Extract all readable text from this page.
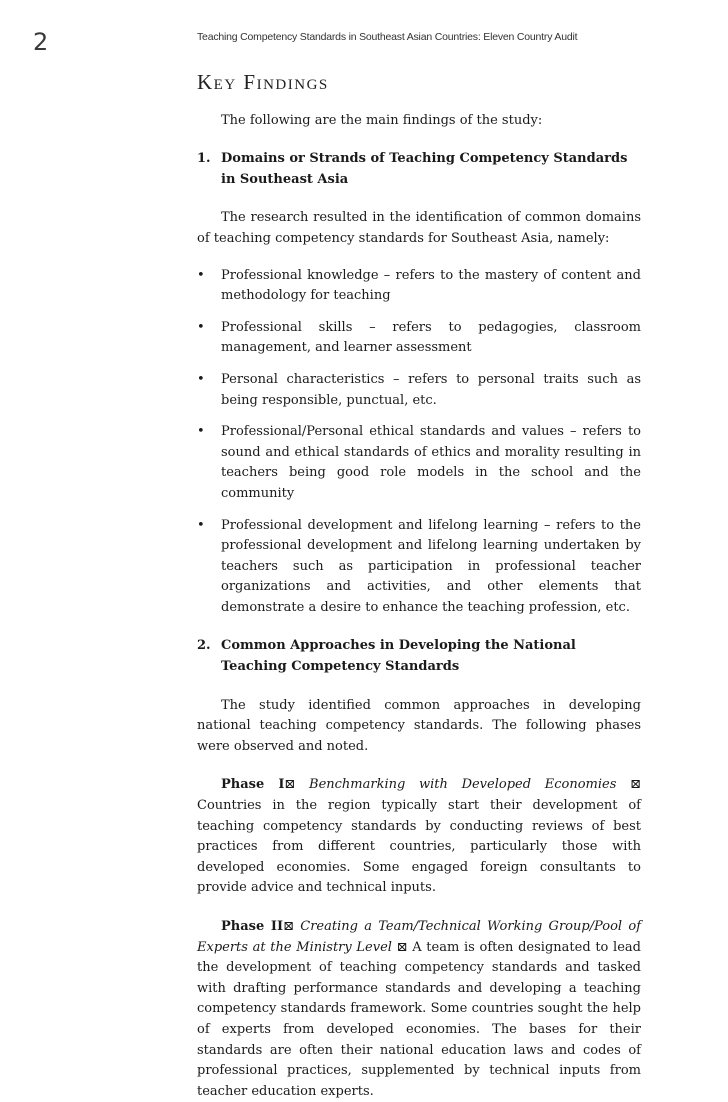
2	Teaching Competency Standards in Southeast Asian Countries: Eleven Country Audit
Key Findings

The following are the main findings of the study:

1. Domains or Strands of Teaching Competency Standards in Southeast Asia

The research resulted in the identification of common domains of teaching competency standards for Southeast Asia, namely:

•	Professional knowledge – refers to the mastery of content and methodology for teaching
•	Professional skills – refers to pedagogies, classroom management, and learner assessment
•	Personal characteristics – refers to personal traits such as being responsible, punctual, etc.
•	Professional/Personal ethical standards and values – refers to sound and ethical standards of ethics and morality resulting in teachers being good role models in the school and the community
•	Professional development and lifelong learning – refers to the professional development and lifelong learning undertaken by teachers such as participation in professional teacher organizations and activities, and other elements that demonstrate a desire to enhance the teaching profession, etc.
2. Common Approaches in Developing the National Teaching Competency Standards

The study identified common approaches in developing national teaching competency standards. The following phases were observed and noted.

Phase I⊠ Benchmarking with Developed Economies ⊠ Countries in the region typically start their development of teaching competency standards by conducting reviews of best practices from different countries, particularly those with developed economies. Some engaged foreign consultants to provide advice and technical inputs.

Phase II⊠ Creating a Team/Technical Working Group/Pool of Experts at the Ministry Level ⊠ A team is often designated to lead the development of teaching competency standards and tasked with drafting performance standards and developing a teaching competency standards framework. Some countries sought the help of experts from developed economies. The bases for their standards are often their national education laws and codes of professional practices, supplemented by technical inputs from teacher education experts.
